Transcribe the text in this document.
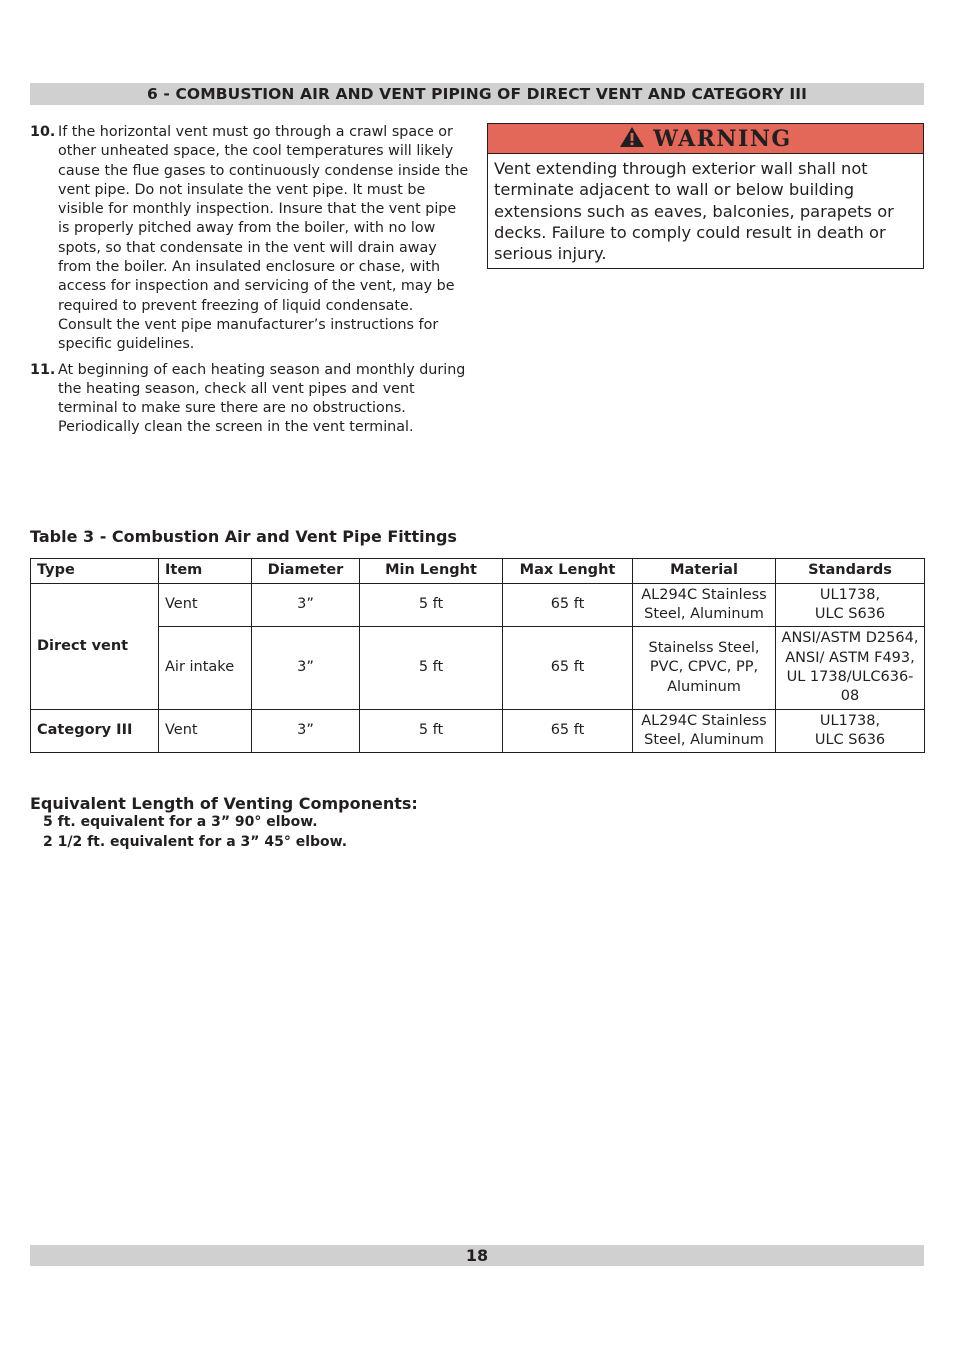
6 - COMBUSTION AIR AND VENT PIPING OF DIRECT VENT AND CATEGORY III
10. If the horizontal vent must go through a crawl space or other unheated space, the cool temperatures will likely cause the flue gases to continuously condense inside the vent pipe. Do not insulate the vent pipe. It must be visible for monthly inspection. Insure that the vent pipe is properly pitched away from the boiler, with no low spots, so that condensate in the vent will drain away from the boiler. An insulated enclosure or chase, with access for inspection and servicing of the vent, may be required to prevent freezing of liquid condensate. Consult the vent pipe manufacturer’s instructions for specific guidelines.
11. At beginning of each heating season and monthly during the heating season, check all vent pipes and vent terminal to make sure there are no obstructions. Periodically clean the screen in the vent terminal.
WARNING
Vent extending through exterior wall shall not terminate adjacent to wall or below building extensions such as eaves, balconies, parapets or decks. Failure to comply could result in death or serious injury.
Table 3 - Combustion Air and Vent Pipe Fittings
Type	Item	Diameter	Min Lenght	Max Lenght	Material	Standards
Direct vent	Vent	3”	5 ft	65 ft	AL294C Stainless Steel, Aluminum	UL1738,
ULC S636
	Air intake	3”	5 ft	65 ft	Stainelss Steel, PVC, CPVC, PP, Aluminum	ANSI/ASTM D2564, ANSI/ ASTM F493, UL 1738/ULC636-08
Category III	Vent	3”	5 ft	65 ft	AL294C Stainless Steel, Aluminum	UL1738,
ULC S636
Equivalent Length of Venting Components:
5 ft. equivalent for a 3” 90° elbow.
2 1/2 ft. equivalent for a 3” 45° elbow.
18
